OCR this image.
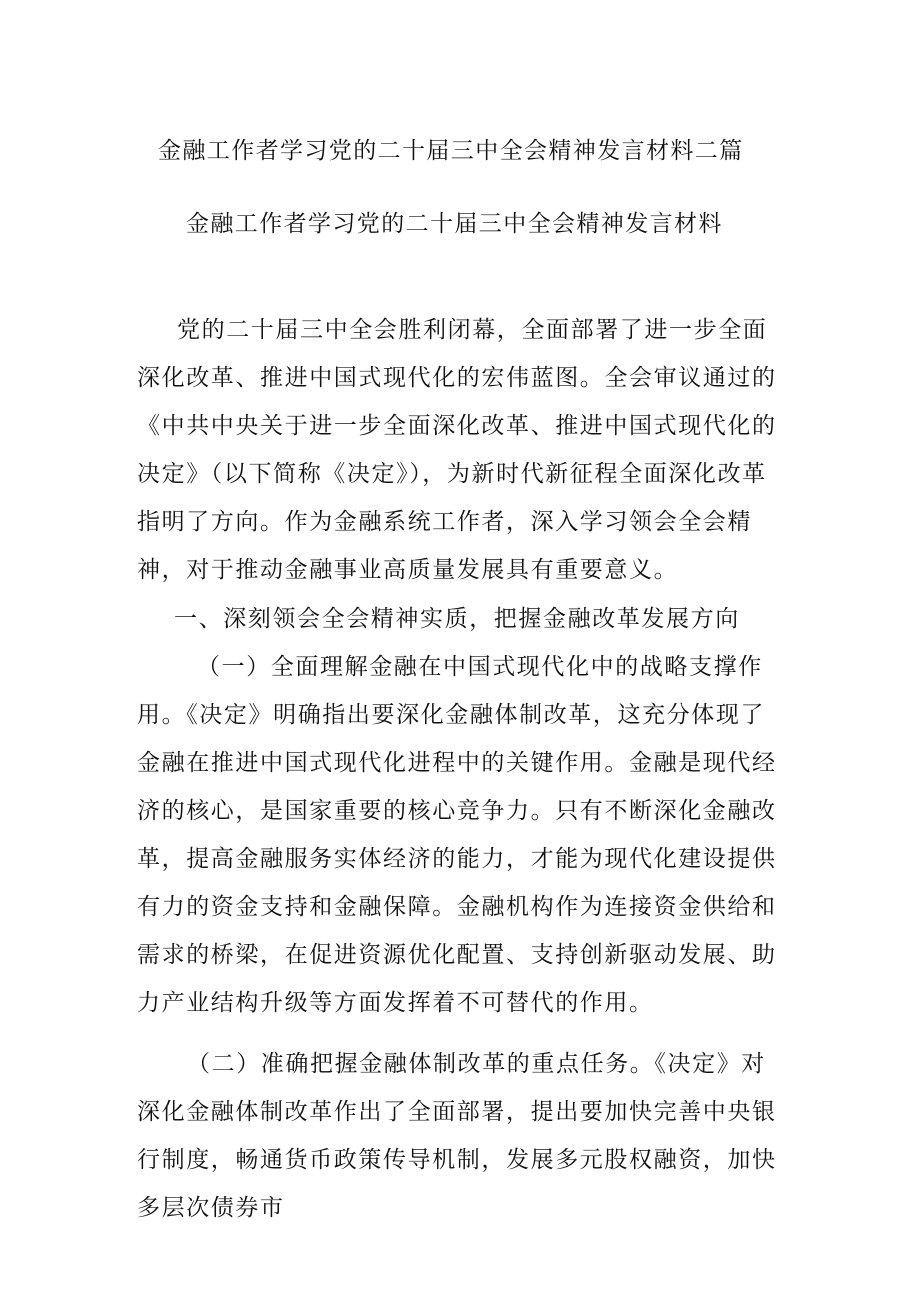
金融工作者学习党的二十届三中全会精神发言材料二篇
金融工作者学习党的二十届三中全会精神发言材料

党的二十届三中全会胜利闭幕，全面部署了进一步全面深化改革、推进中国式现代化的宏伟蓝图。全会审议通过的《中共中央关于进一步全面深化改革、推进中国式现代化的决定》（以下简称《决定》），为新时代新征程全面深化改革指明了方向。作为金融系统工作者，深入学习领会全会精神，对于推动金融事业高质量发展具有重要意义。

一、深刻领会全会精神实质，把握金融改革发展方向

（一）全面理解金融在中国式现代化中的战略支撑作用。《决定》明确指出要深化金融体制改革，这充分体现了金融在推进中国式现代化进程中的关键作用。金融是现代经济的核心，是国家重要的核心竞争力。只有不断深化金融改革，提高金融服务实体经济的能力，才能为现代化建设提供有力的资金支持和金融保障。金融机构作为连接资金供给和需求的桥梁，在促进资源优化配置、支持创新驱动发展、助力产业结构升级等方面发挥着不可替代的作用。

（二）准确把握金融体制改革的重点任务。《决定》对深化金融体制改革作出了全面部署，提出要加快完善中央银行制度，畅通货币政策传导机制，发展多元股权融资，加快多层次债券市
